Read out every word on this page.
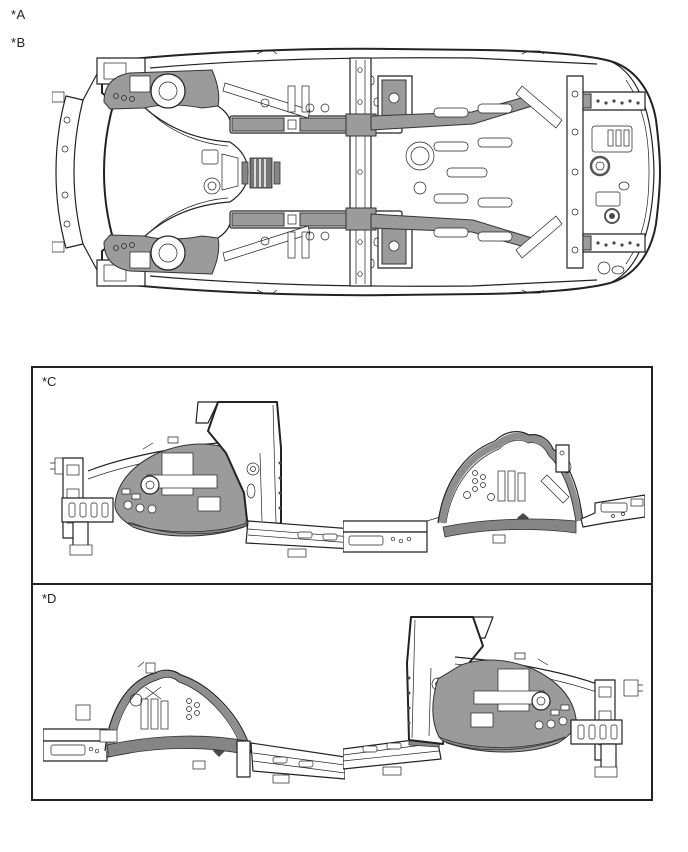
*A
*B
*C
*D
